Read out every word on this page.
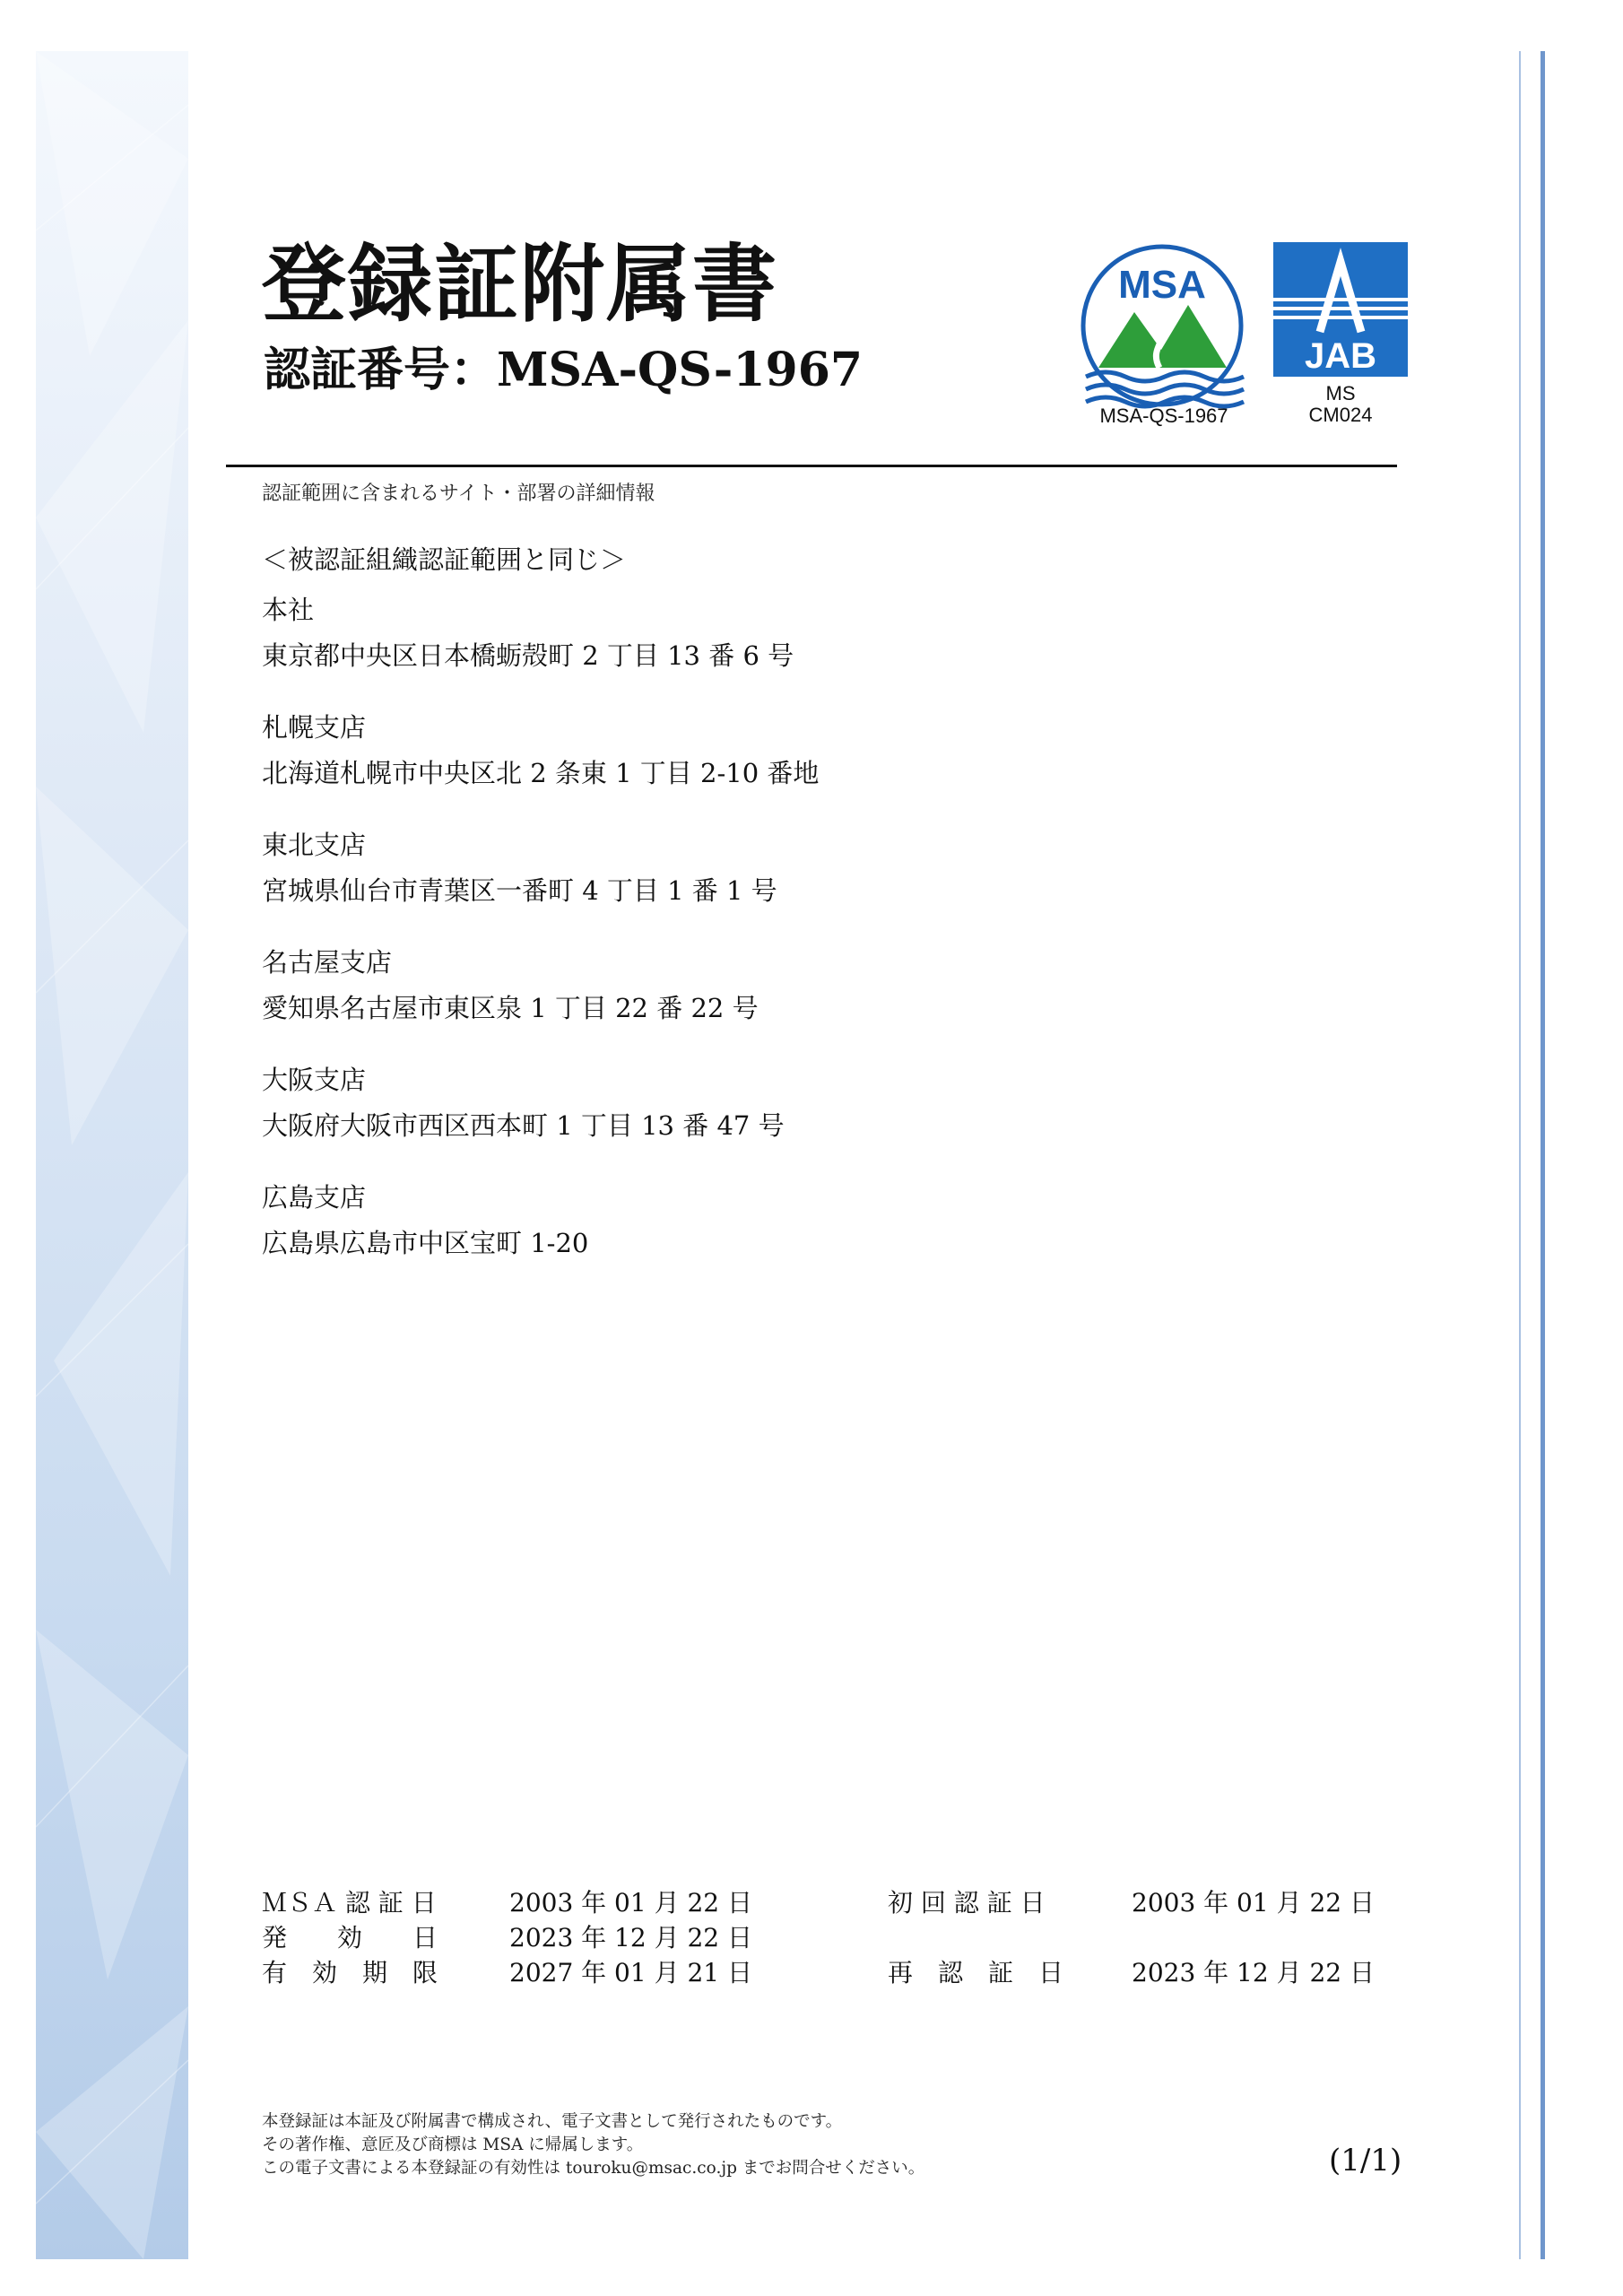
登録証附属書
認証番号：MSA-QS-1967
MSA
MSA-QS-1967
JAB
MS
CM024
認証範囲に含まれるサイト・部署の詳細情報
＜被認証組織認証範囲と同じ＞
本社
東京都中央区日本橋蛎殻町 2 丁目 13 番 6 号
札幌支店
北海道札幌市中央区北 2 条東 1 丁目 2-10 番地
東北支店
宮城県仙台市青葉区一番町 4 丁目 1 番 1 号
名古屋支店
愛知県名古屋市東区泉 1 丁目 22 番 22 号
大阪支店
大阪府大阪市西区西本町 1 丁目 13 番 47 号
広島支店
広島県広島市中区宝町 1-20
ＭＳＡ 認 証 日	2003 年 01 月 22 日	初 回 認 証 日	2003 年 01 月 22 日
発　　効　　日	2023 年 12 月 22 日
有　効　期　限	2027 年 01 月 21 日	再　認　証　日	2023 年 12 月 22 日
本登録証は本証及び附属書で構成され、電子文書として発行されたものです。
その著作権、意匠及び商標は MSA に帰属します。
この電子文書による本登録証の有効性は touroku@msac.co.jp までお問合せください。	(1/1)
